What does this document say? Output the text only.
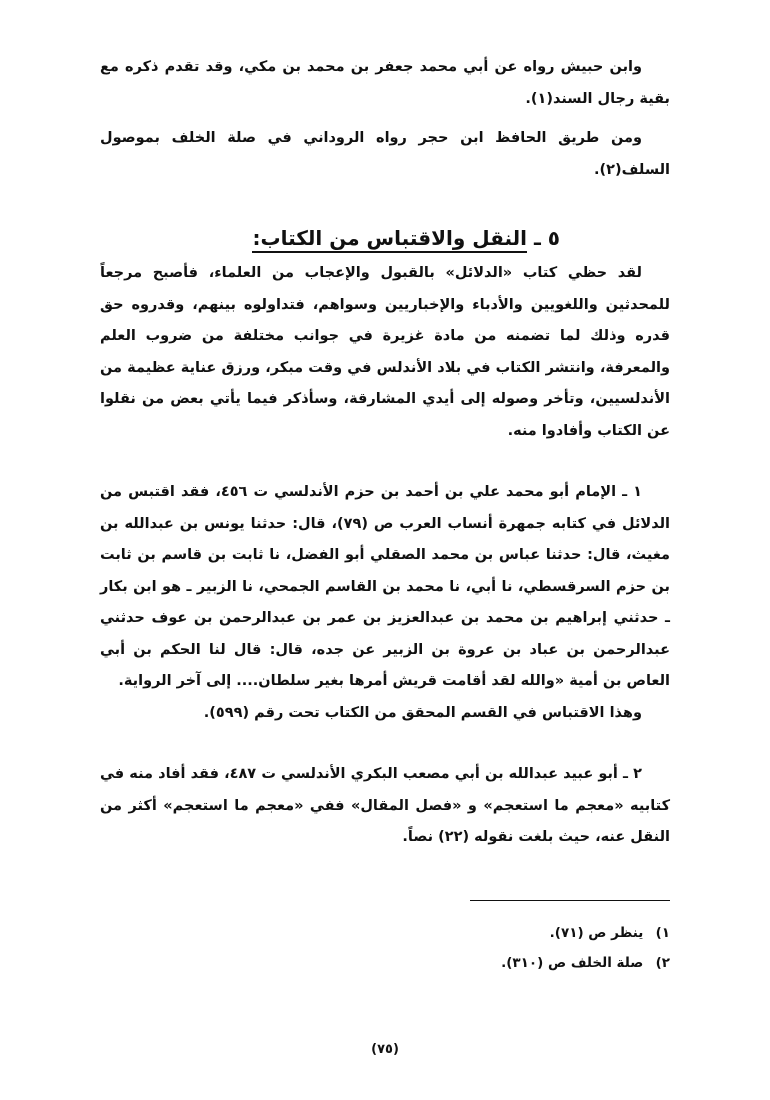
وابن حبيش رواه عن أبي محمد جعفر بن محمد بن مكي، وقد تقدم ذكره مع بقية رجال السند(١).

ومن طريق الحافظ ابن حجر رواه الروداني في صلة الخلف بموصول السلف(٢).

٥ ـ النقل والاقتباس من الكتاب:

لقد حظي كتاب «الدلائل» بالقبول والإعجاب من العلماء، فأصبح مرجعاً للمحدثين واللغويين والأدباء والإخباريين وسواهم، فتداولوه بينهم، وقدروه حق قدره وذلك لما تضمنه من مادة غزيرة في جوانب مختلفة من ضروب العلم والمعرفة، وانتشر الكتاب في بلاد الأندلس في وقت مبكر، ورزق عناية عظيمة من الأندلسيين، وتأخر وصوله إلى أيدي المشارقة، وسأذكر فيما يأتي بعض من نقلوا عن الكتاب وأفادوا منه.

١ ـ الإمام أبو محمد علي بن أحمد بن حزم الأندلسي ت ٤٥٦، فقد اقتبس من الدلائل في كتابه جمهرة أنساب العرب ص (٧٩)، قال: حدثنا يونس بن عبدالله بن مغيث، قال: حدثنا عباس بن محمد الصقلي أبو الفضل، نا ثابت بن قاسم بن ثابت بن حزم السرقسطي، نا أبي، نا محمد بن القاسم الجمحي، نا الزبير ـ هو ابن بكار ـ حدثني إبراهيم بن محمد بن عبدالعزيز بن عمر بن عبدالرحمن بن عوف حدثني عبدالرحمن بن عباد بن عروة بن الزبير عن جده، قال: قال لنا الحكم بن أبي العاص بن أمية «والله لقد أقامت قريش أمرها بغير سلطان.... إلى آخر الرواية.

وهذا الاقتباس في القسم المحقق من الكتاب تحت رقم (٥٩٩).

٢ ـ أبو عبيد عبدالله بن أبي مصعب البكري الأندلسي ت ٤٨٧، فقد أفاد منه في كتابيه «معجم ما استعجم» و «فصل المقال» ففي «معجم ما استعجم» أكثر من النقل عنه، حيث بلغت نقوله (٢٢) نصاً.

١) ينظر ص (٧١).
٢) صلة الخلف ص (٣١٠).
(٧٥)
